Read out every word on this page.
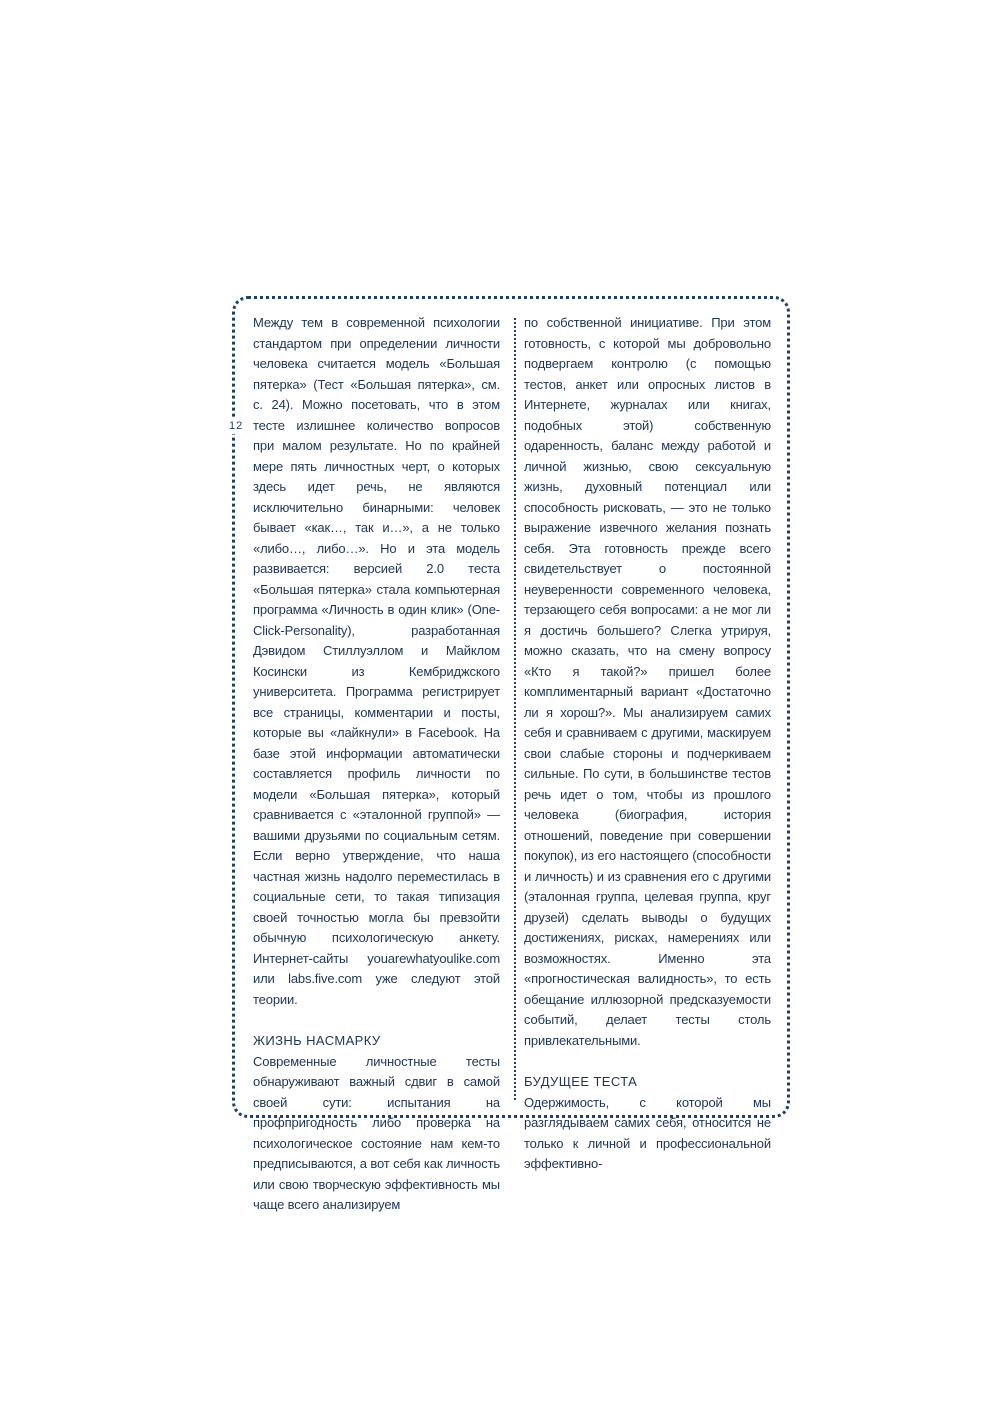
12

Между тем в современной психологии стандартом при определении личности человека считается модель «Большая пятерка» (Тест «Большая пятерка», см. с. 24). Можно посетовать, что в этом тесте излишнее количество вопросов при малом результате. Но по крайней мере пять личностных черт, о которых здесь идет речь, не являются исключительно бинарными: человек бывает «как…, так и…», а не только «либо…, либо…». Но и эта модель развивается: версией 2.0 теста «Большая пятерка» стала компьютерная программа «Личность в один клик» (One-Click-Personality), разработанная Дэвидом Стиллуэллом и Майклом Косински из Кембриджского университета. Программа регистрирует все страницы, комментарии и посты, которые вы «лайкнули» в Facebook. На базе этой информации автоматически составляется профиль личности по модели «Большая пятерка», который сравнивается с «эталонной группой» — вашими друзьями по социальным сетям. Если верно утверждение, что наша частная жизнь надолго переместилась в социальные сети, то такая типизация своей точностью могла бы превзойти обычную психологическую анкету. Интернет-сайты youarewhatyoulike.com или labs.five.com уже следуют этой теории.

ЖИЗНЬ НАСМАРКУ

Современные личностные тесты обнаруживают важный сдвиг в самой своей сути: испытания на профпригодность либо проверка на психологическое состояние нам кем-то предписываются, а вот себя как личность или свою творческую эффективность мы чаще всего анализируем

по собственной инициативе. При этом готовность, с которой мы добровольно подвергаем контролю (с помощью тестов, анкет или опросных листов в Интернете, журналах или книгах, подобных этой) собственную одаренность, баланс между работой и личной жизнью, свою сексуальную жизнь, духовный потенциал или способность рисковать, — это не только выражение извечного желания познать себя. Эта готовность прежде всего свидетельствует о постоянной неуверенности современного человека, терзающего себя вопросами: а не мог ли я достичь большего? Слегка утрируя, можно сказать, что на смену вопросу «Кто я такой?» пришел более комплиментарный вариант «Достаточно ли я хорош?». Мы анализируем самих себя и сравниваем с другими, маскируем свои слабые стороны и подчеркиваем сильные. По сути, в большинстве тестов речь идет о том, чтобы из прошлого человека (биография, история отношений, поведение при совершении покупок), из его настоящего (способности и личность) и из сравнения его с другими (эталонная группа, целевая группа, круг друзей) сделать выводы о будущих достижениях, рисках, намерениях или возможностях. Именно эта «прогностическая валидность», то есть обещание иллюзорной предсказуемости событий, делает тесты столь привлекательными.

БУДУЩЕЕ ТЕСТА

Одержимость, с которой мы разглядываем самих себя, относится не только к личной и профессиональной эффективно-
